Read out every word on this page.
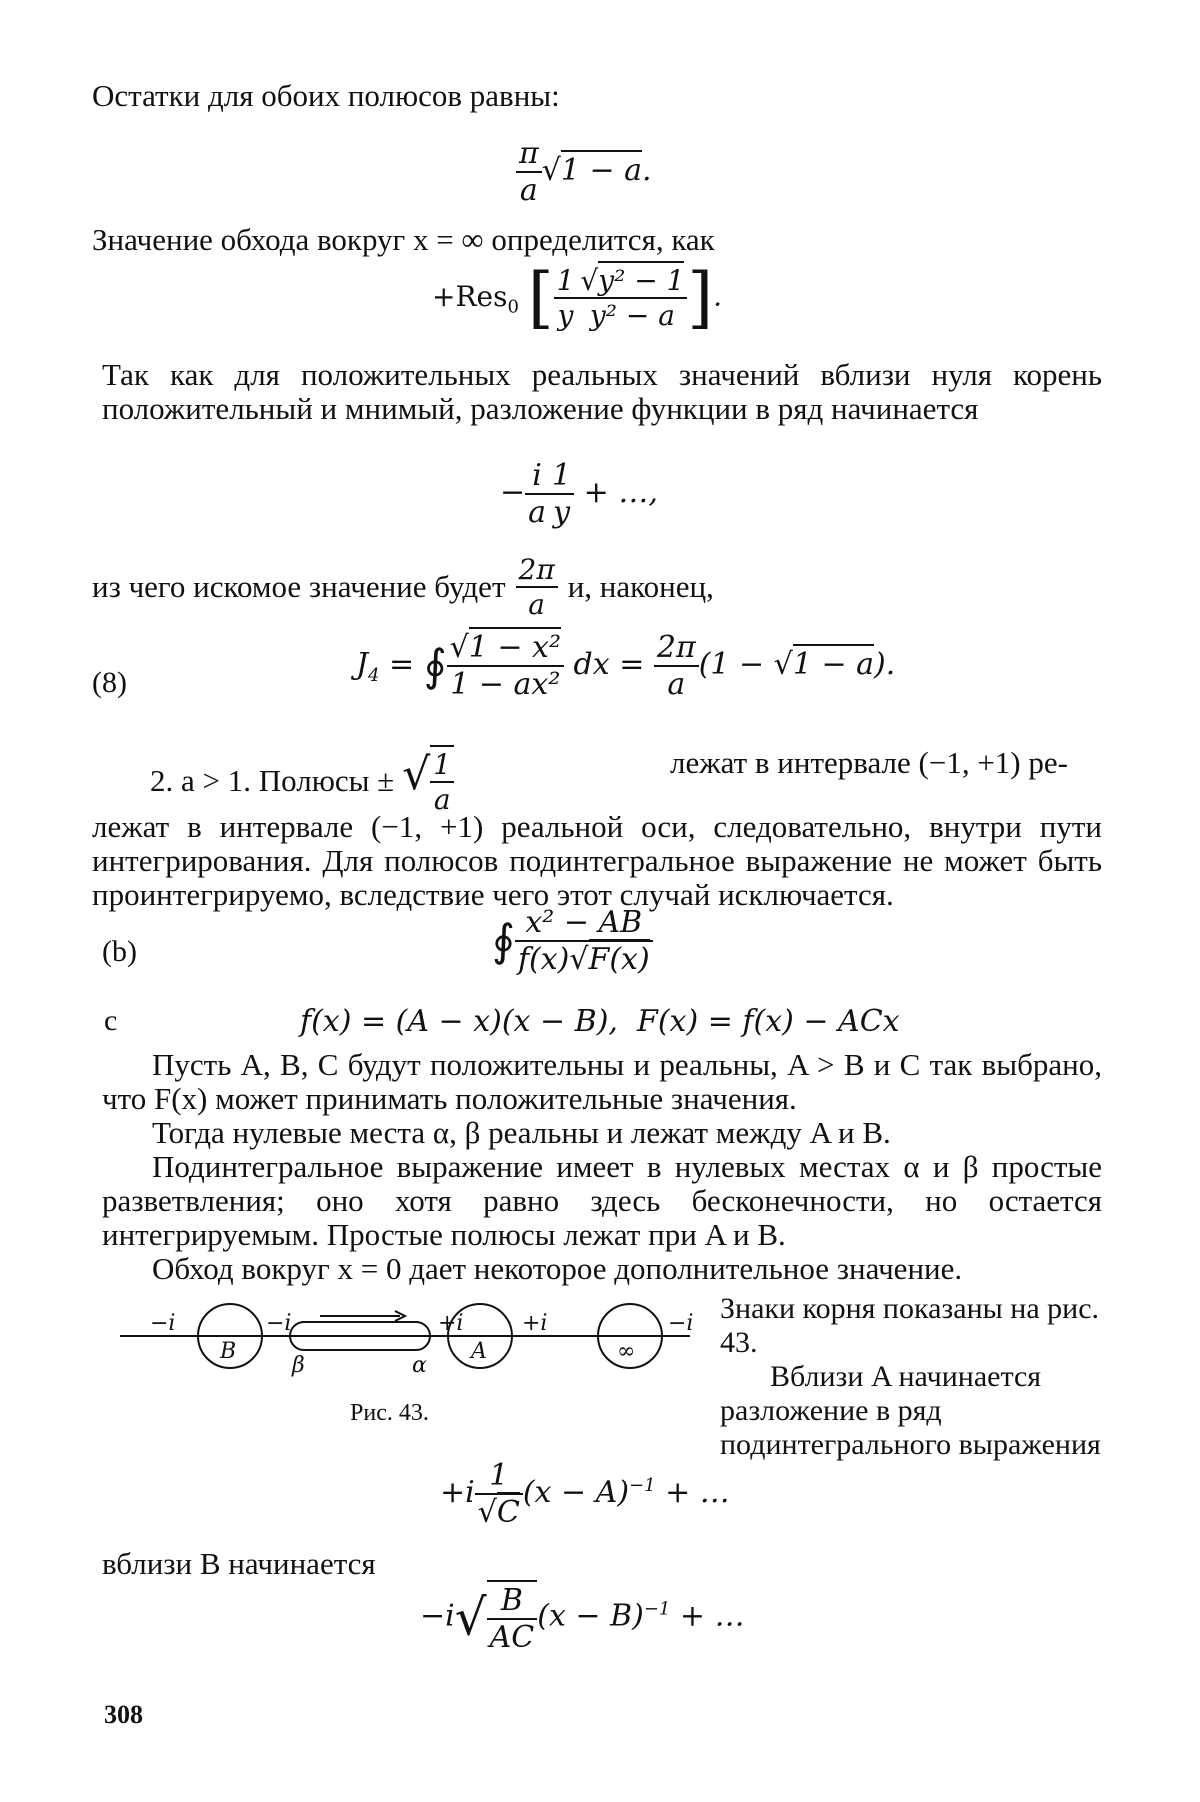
Остатки для обоих полюсов равны:
$\frac{\pi}{a} √1 - a$.
Значение обхода вокруг x = ∞ определится, как
+Res$_0$ [ $\frac{1}{y} \frac{\text{√y² − 1}}{\text{y² − a}}$ ].
Так как для положительных реальных значений вблизи нуля корень положительный и мнимый, разложение функции в ряд начинается
− $\frac{i}{a} \frac{1}{y}$ + …,
из чего искомое значение будет $\frac{2\pi}{a} и$, наконец,
(8)
$J_4$ = ∮ $\frac{\text{√1 − x²}}{\text{1 − ax²}}$ dx = $\frac{2\pi}{a} (1 - √1 - a)$.
2. a > 1. Полюсы ± √ $\frac{1}{a}$	лежат в интервале (−1, +1) ре-
лежат в интервале (−1, +1) реальной оси, следовательно, внутри пути интегрирования. Для полюсов подинтегральное выражение не может быть проинтегрируемо, вследствие чего этот случай исключается.
(b)	∮ $\frac{\text{x² − AB}}{f(x)√F(x)}$
c	f(x) = (A − x)(x − B),  F(x) = f(x) − ACx
Пусть A, B, C будут положительны и реальны, A > B и C так выбрано, что F(x) может принимать положительные значения.
Тогда нулевые места α, β реальны и лежат между A и B.
Подинтегральное выражение имеет в нулевых местах α и β простые разветвления; оно хотя равно здесь бесконечности, но остается интегрируемым. Простые полюсы лежат при A и B.
Обход вокруг x = 0 дает некоторое дополнительное значение.
B	A	∞
−i	−i	+i	+i	−i
β	α
Рис. 43.
Знаки корня показаны на рис. 43.
Вблизи A начинается разложение в ряд подинтегрального выражения
$+i \frac{1}{√C} (x - A)^{-1}$ + …
вблизи B начинается
$-i√ \frac{B}{AC} (x - B)^{-1}$ + …
308
